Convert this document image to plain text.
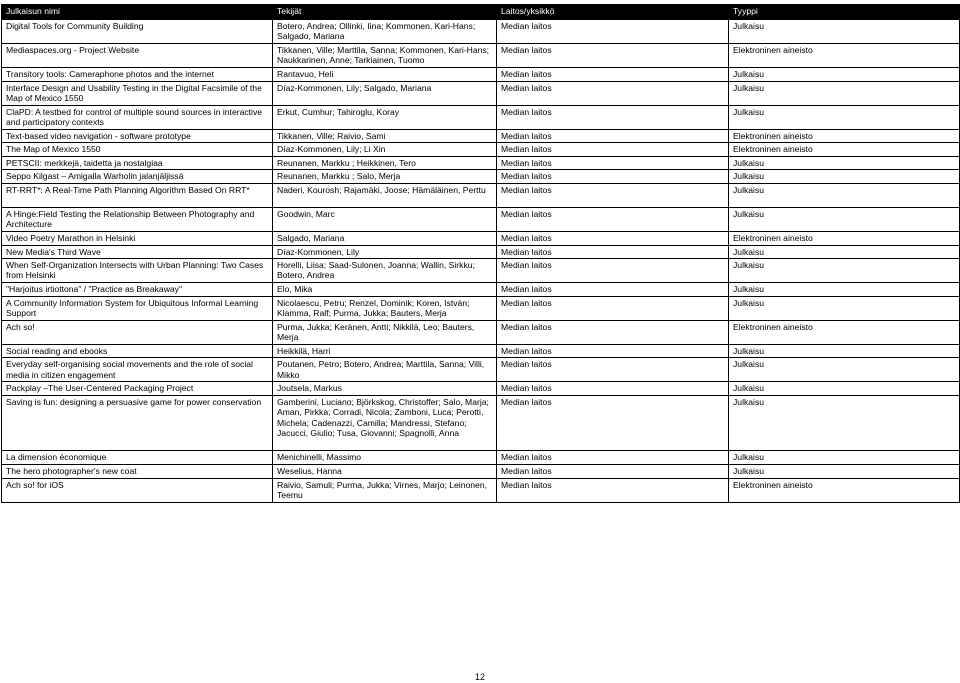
Julkaisun nimi	Tekijät	Laitos/yksikkö	Tyyppi
Digital Tools for Community Building	Botero, Andrea; Ollinki, Iina; Kommonen, Kari-Hans; Salgado, Mariana	Median laitos	Julkaisu
Mediaspaces.org - Project Website	Tikkanen, Ville; Marttila, Sanna; Kommonen, Kari-Hans; Naukkarinen, Anne; Tarkiainen, Tuomo	Median laitos	Elektroninen aineisto
Transitory tools: Cameraphone photos and the internet	Rantavuo, Heli	Median laitos	Julkaisu
Interface Design and Usability Testing in the Digital Facsimile of the Map of Mexico 1550	Díaz-Kommonen, Lily; Salgado, Mariana	Median laitos	Julkaisu
ClaPD: A testbed for control of multiple sound sources in interactive and participatory contexts	Erkut, Cumhur; Tahiroglu, Koray	Median laitos	Julkaisu
Text-based video navigation - software prototype	Tikkanen, Ville; Raivio, Sami	Median laitos	Elektroninen aineisto
The Map of Mexico 1550	Díaz-Kommonen, Lily; Li Xin	Median laitos	Elektroninen aineisto
PETSCII: merkkejä, taidetta ja nostalgiaa	Reunanen, Markku ; Heikkinen, Tero	Median laitos	Julkaisu
Seppo Kilgast – Amigalla Warholin jalanjäljissä	Reunanen, Markku ; Salo, Merja	Median laitos	Julkaisu
RT-RRT*: A Real-Time Path Planning Algorithm Based On RRT*	Naderi, Kourosh; Rajamäki, Joose; Hämäläinen, Perttu	Median laitos	Julkaisu
A Hinge:Field Testing the Relationship Between Photography and Architecture	Goodwin, Marc	Median laitos	Julkaisu
Video Poetry Marathon in Helsinki	Salgado, Mariana	Median laitos	Elektroninen aineisto
New Media's Third Wave	Díaz-Kommonen, Lily	Median laitos	Julkaisu
When Self-Organization Intersects with Urban Planning: Two Cases from Helsinki	Horelli, Liisa; Saad-Sulonen, Joanna; Wallin, Sirkku; Botero, Andrea	Median laitos	Julkaisu
"Harjoitus irtiottona" / "Practice as Breakaway"	Elo, Mika	Median laitos	Julkaisu
A Community Information System for Ubiquitous Informal Learning Support	Nicolaescu, Petru; Renzel, Dominik; Koren, István; Klamma, Ralf; Purma, Jukka; Bauters, Merja	Median laitos	Julkaisu
Ach so!	Purma, Jukka; Keränen, Antti; Nikkilä, Leo; Bauters, Merja	Median laitos	Elektroninen aineisto
Social reading and ebooks	Heikkilä, Harri	Median laitos	Julkaisu
Everyday self-organising social movements and the role of social media in citizen engagement	Poutanen, Petro; Botero, Andrea; Marttila, Sanna; Villi, Mikko	Median laitos	Julkaisu
Packplay –The User-Centered Packaging Project	Joutsela, Markus	Median laitos	Julkaisu
Saving is fun: designing a persuasive game for power conservation	Gamberini, Luciano; Björkskog, Christoffer; Salo, Marja; Aman, Pirkka; Corradi, Nicola; Zamboni, Luca; Perotti, Michela; Cadenazzi, Camilla; Mandressi, Stefano; Jacucci, Giulio; Tusa, Giovanni; Spagnolli, Anna	Median laitos	Julkaisu
La dimension économique	Menichinelli, Massimo	Median laitos	Julkaisu
The hero photographer's new coat	Weselius, Hanna	Median laitos	Julkaisu
Ach so! for iOS	Raivio, Samuli; Purma, Jukka; Virnes, Marjo; Leinonen, Teemu	Median laitos	Elektroninen aineisto
12
